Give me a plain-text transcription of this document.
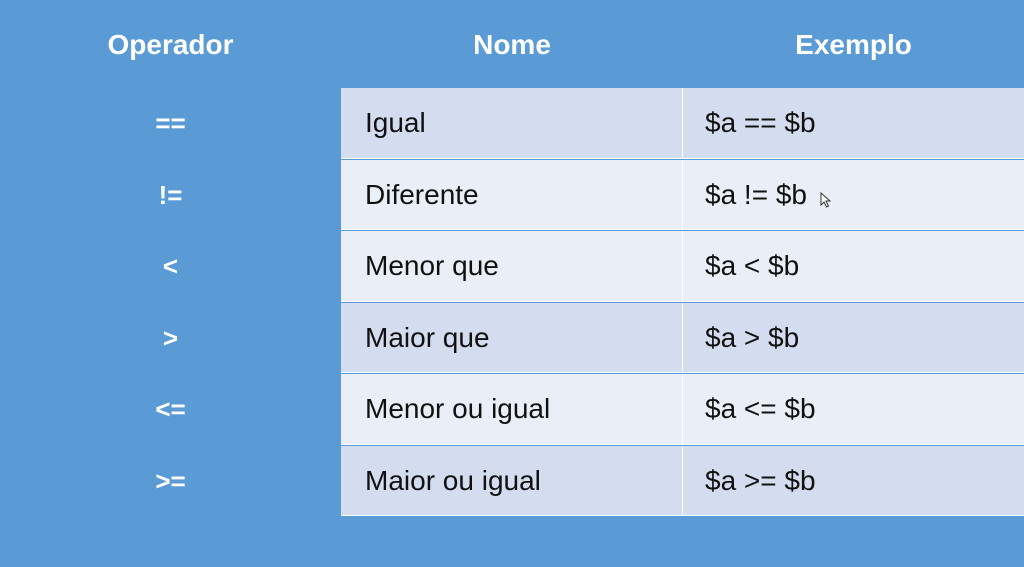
Operador	Nome	Exemplo
==	Igual	$a == $b
!=	Diferente	$a != $b
<	Menor que	$a < $b
>	Maior que	$a > $b
<=	Menor ou igual	$a <= $b
>=	Maior ou igual	$a >= $b
